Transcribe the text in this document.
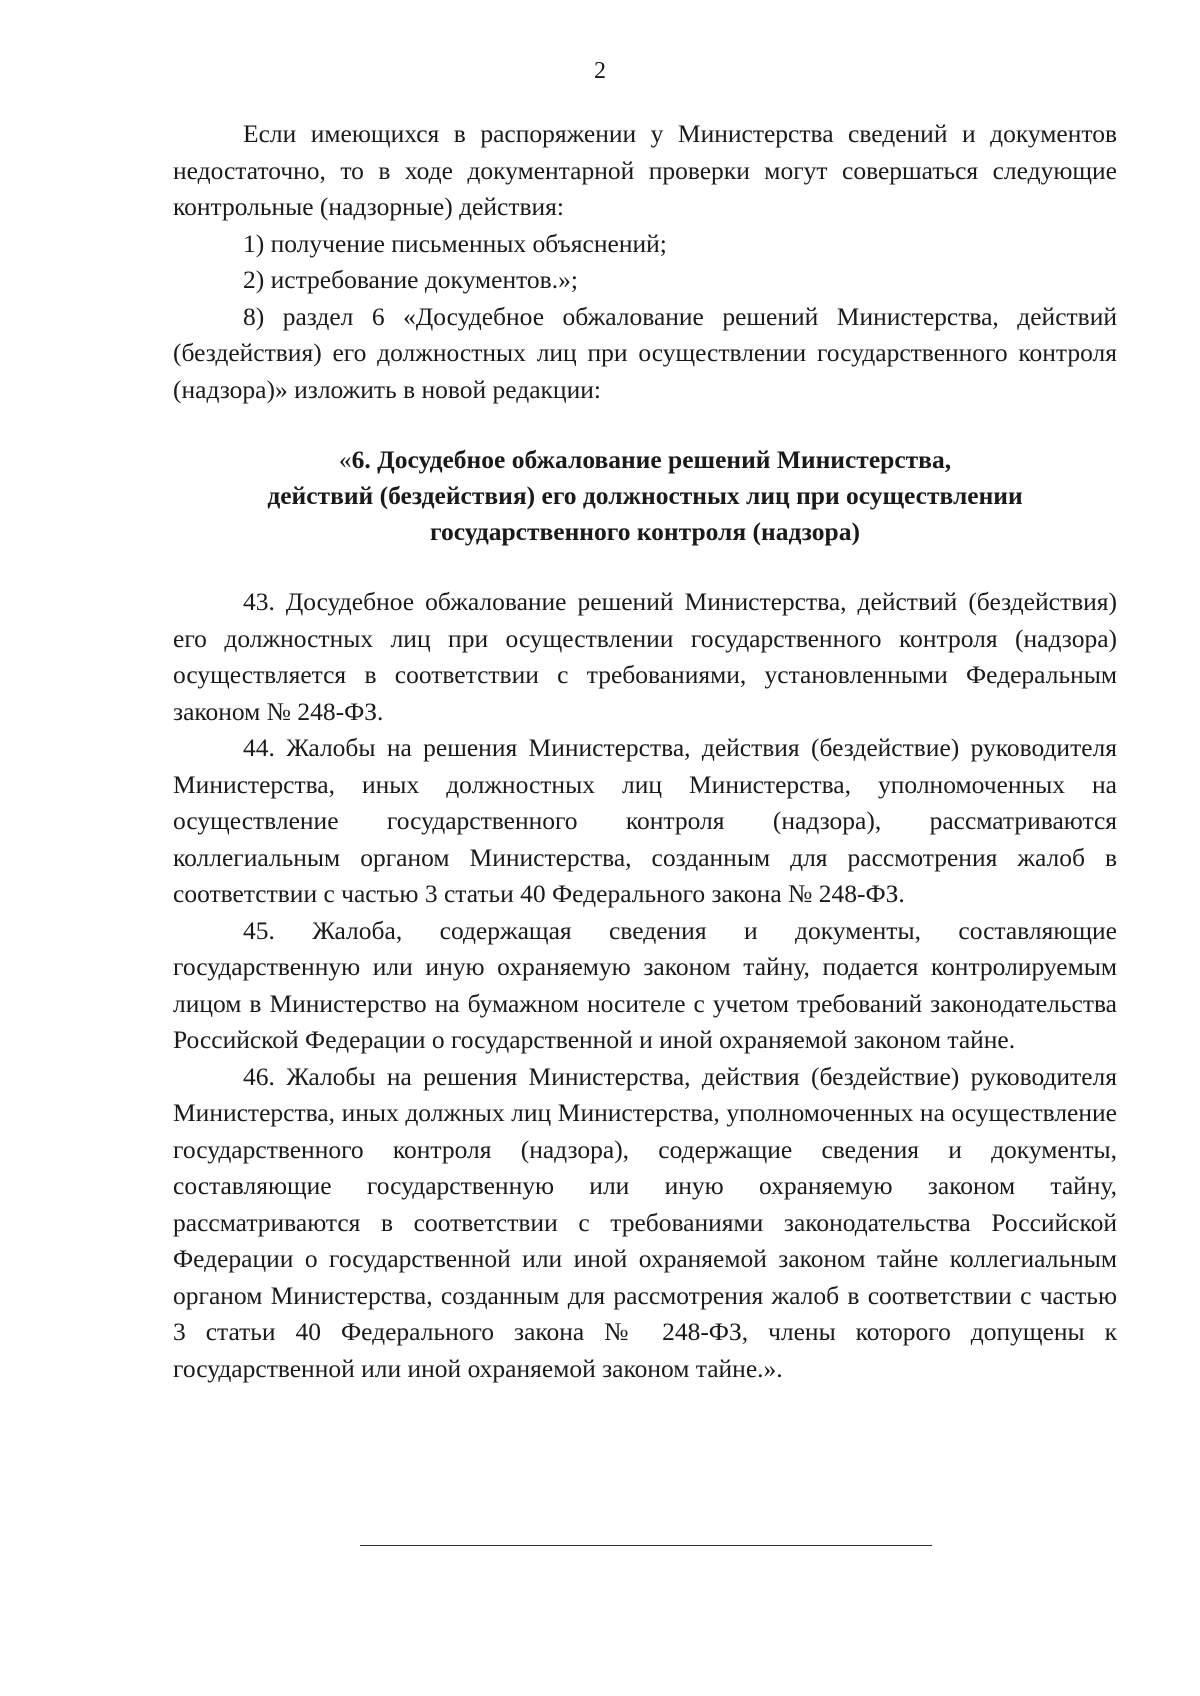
2

Если имеющихся в распоряжении у Министерства сведений и документов недостаточно, то в ходе документарной проверки могут совершаться следующие контрольные (надзорные) действия:

1) получение письменных объяснений;

2) истребование документов.»;

8) раздел 6 «Досудебное обжалование решений Министерства, действий (бездействия) его должностных лиц при осуществлении государственного контроля (надзора)» изложить в новой редакции:

«6. Досудебное обжалование решений Министерства,
действий (бездействия) его должностных лиц при осуществлении
государственного контроля (надзора)

43. Досудебное обжалование решений Министерства, действий (бездействия) его должностных лиц при осуществлении государственного контроля (надзора) осуществляется в соответствии с требованиями, установленными Федеральным законом № 248-ФЗ.

44. Жалобы на решения Министерства, действия (бездействие) руководителя Министерства, иных должностных лиц Министерства, уполномоченных на осуществление государственного контроля (надзора), рассматриваются коллегиальным органом Министерства, созданным для рассмотрения жалоб в соответствии с частью 3 статьи 40 Федерального закона № 248-ФЗ.

45. Жалоба, содержащая сведения и документы, составляющие государственную или иную охраняемую законом тайну, подается контролируемым лицом в Министерство на бумажном носителе с учетом требований законодательства Российской Федерации о государственной и иной охраняемой законом тайне.

46. Жалобы на решения Министерства, действия (бездействие) руководителя Министерства, иных должных лиц Министерства, уполномоченных на осуществление государственного контроля (надзора), содержащие сведения и документы, составляющие государственную или иную охраняемую законом тайну, рассматриваются в соответствии с требованиями законодательства Российской Федерации о государственной или иной охраняемой законом тайне коллегиальным органом Министерства, созданным для рассмотрения жалоб в соответствии с частью 3 статьи 40 Федерального закона № 248-ФЗ, члены которого допущены к государственной или иной охраняемой законом тайне.».
